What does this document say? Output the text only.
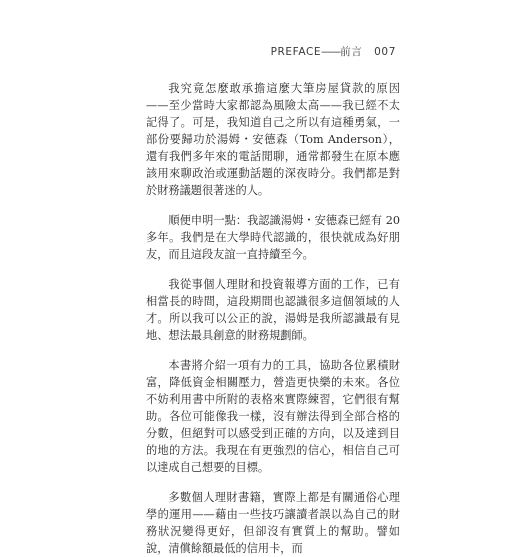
PREFACE——前言 007

我究竟怎麼敢承擔這麼大筆房屋貸款的原因——至少當時大家都認為風險太高——我已經不太記得了。可是，我知道自己之所以有這種勇氣，一部份要歸功於湯姆・安德森（Tom Anderson），還有我們多年來的電話閒聊，通常都發生在原本應該用來聊政治或運動話題的深夜時分。我們都是對於財務議題很著迷的人。

順便申明一點：我認識湯姆・安德森已經有 20 多年。我們是在大學時代認識的，很快就成為好朋友，而且這段友誼一直持續至今。

我從事個人理財和投資報導方面的工作，已有相當長的時間，這段期間也認識很多這個領域的人才。所以我可以公正的說，湯姆是我所認識最有見地、想法最具創意的財務規劃師。

本書將介紹一項有力的工具，協助各位累積財富，降低資金相關壓力，營造更快樂的未來。各位不妨利用書中所附的表格來實際練習，它們很有幫助。各位可能像我一樣，沒有辦法得到全部合格的分數，但絕對可以感受到正確的方向，以及達到目的地的方法。我現在有更強烈的信心，相信自己可以達成自己想要的目標。

多數個人理財書籍，實際上都是有關通俗心理學的運用——藉由一些技巧讓讀者誤以為自己的財務狀況變得更好，但卻沒有實質上的幫助。譬如說，清償餘額最低的信用卡，而
